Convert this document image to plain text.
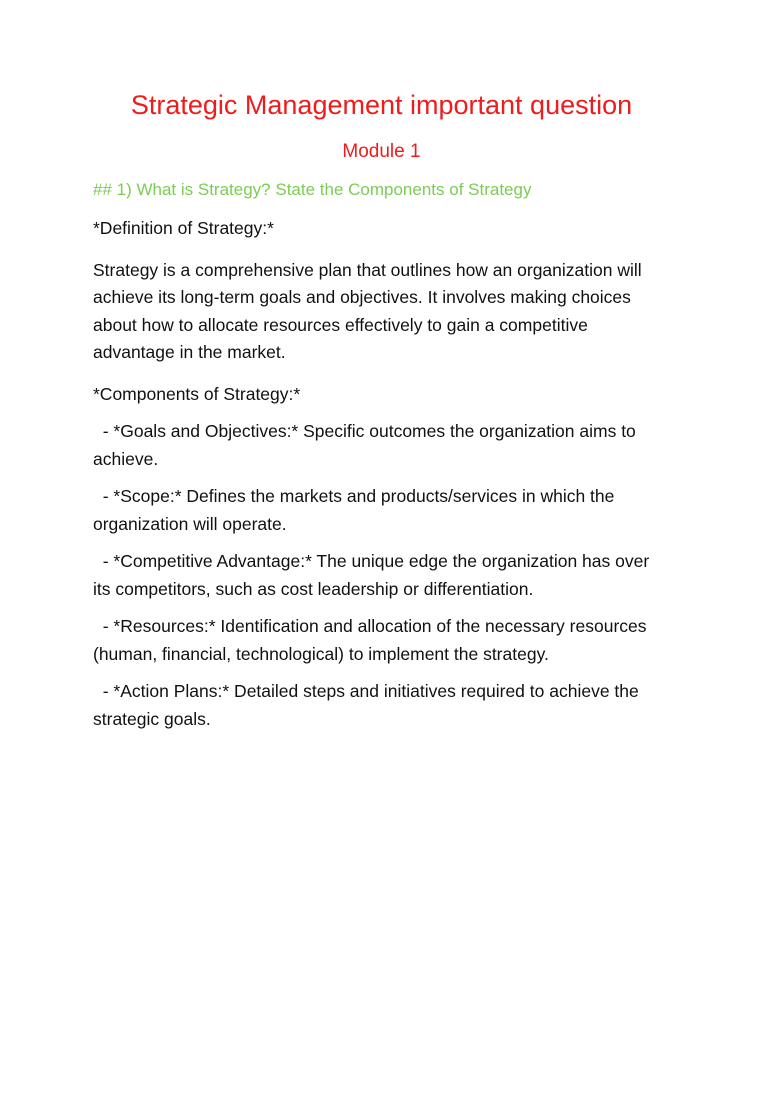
Strategic Management important question
Module 1
## 1) What is Strategy? State the Components of Strategy

*Definition of Strategy:*

Strategy is a comprehensive plan that outlines how an organization will achieve its long-term goals and objectives. It involves making choices about how to allocate resources effectively to gain a competitive advantage in the market.

*Components of Strategy:*

- *Goals and Objectives:* Specific outcomes the organization aims to achieve.

- *Scope:* Defines the markets and products/services in which the organization will operate.

- *Competitive Advantage:* The unique edge the organization has over its competitors, such as cost leadership or differentiation.

- *Resources:* Identification and allocation of the necessary resources (human, financial, technological) to implement the strategy.

- *Action Plans:* Detailed steps and initiatives required to achieve the strategic goals.
